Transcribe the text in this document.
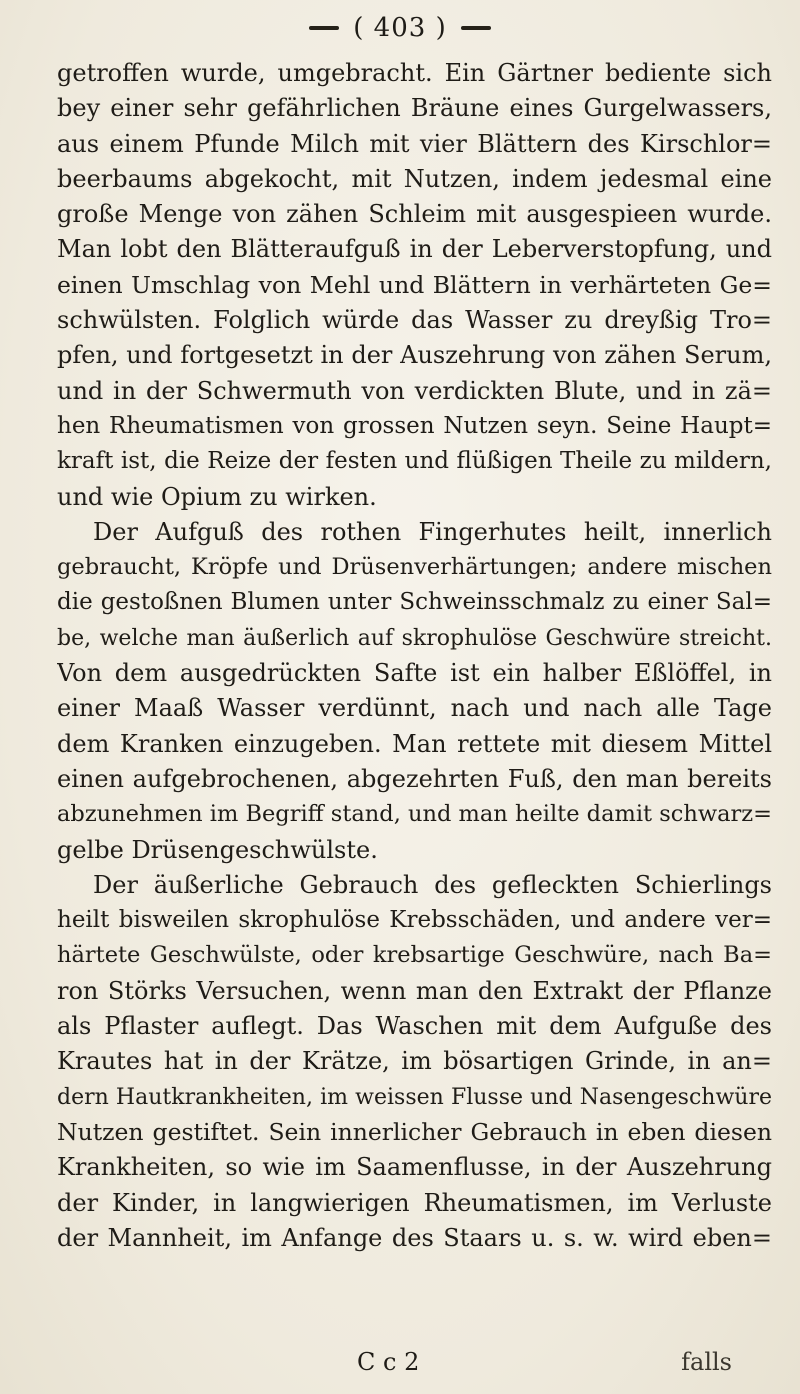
( 403 )
getroffen wurde, umgebracht. Ein Gärtner bediente sich
bey einer sehr gefährlichen Bräune eines Gurgelwassers,
aus einem Pfunde Milch mit vier Blättern des Kirschlor=
beerbaums abgekocht, mit Nutzen, indem jedesmal eine
große Menge von zähen Schleim mit ausgespieen wurde.
Man lobt den Blätteraufguß in der Leberverstopfung, und
einen Umschlag von Mehl und Blättern in verhärteten Ge=
schwülsten. Folglich würde das Wasser zu dreyßig Tro=
pfen, und fortgesetzt in der Auszehrung von zähen Serum,
und in der Schwermuth von verdickten Blute, und in zä=
hen Rheumatismen von grossen Nutzen seyn. Seine Haupt=
kraft ist, die Reize der festen und flüßigen Theile zu mildern,
und wie Opium zu wirken.
Der Aufguß des rothen Fingerhutes heilt, innerlich
gebraucht, Kröpfe und Drüsenverhärtungen; andere mischen
die gestoßnen Blumen unter Schweinsschmalz zu einer Sal=
be, welche man äußerlich auf skrophulöse Geschwüre streicht.
Von dem ausgedrückten Safte ist ein halber Eßlöffel, in
einer Maaß Wasser verdünnt, nach und nach alle Tage
dem Kranken einzugeben. Man rettete mit diesem Mittel
einen aufgebrochenen, abgezehrten Fuß, den man bereits
abzunehmen im Begriff stand, und man heilte damit schwarz=
gelbe Drüsengeschwülste.
Der äußerliche Gebrauch des gefleckten Schierlings
heilt bisweilen skrophulöse Krebsschäden, und andere ver=
härtete Geschwülste, oder krebsartige Geschwüre, nach Ba=
ron Störks Versuchen, wenn man den Extrakt der Pflanze
als Pflaster auflegt. Das Waschen mit dem Aufguße des
Krautes hat in der Krätze, im bösartigen Grinde, in an=
dern Hautkrankheiten, im weissen Flusse und Nasengeschwüre
Nutzen gestiftet. Sein innerlicher Gebrauch in eben diesen
Krankheiten, so wie im Saamenflusse, in der Auszehrung
der Kinder, in langwierigen Rheumatismen, im Verluste
der Mannheit, im Anfange des Staars u. s. w. wird eben=
C c 2	falls
